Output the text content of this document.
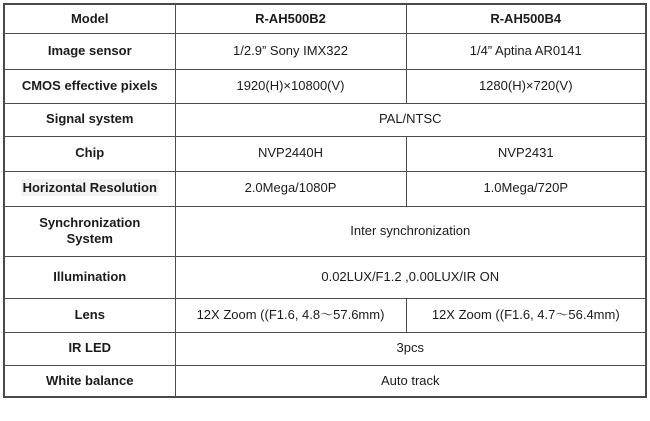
Model	R-AH500B2	R-AH500B4
Image sensor	1/2.9” Sony IMX322	1/4” Aptina AR0141
CMOS effective pixels	1920(H)×10800(V)	1280(H)×720(V)
Signal system	PAL/NTSC	
Chip	NVP2440H	NVP2431
Horizontal Resolution	2.0Mega/1080P	1.0Mega/720P
Synchronization System	Inter synchronization	
Illumination	0.02LUX/F1.2 ,0.00LUX/IR ON	
Lens	12X Zoom ((F1.6, 4.8～57.6mm)	12X Zoom ((F1.6, 4.7～56.4mm)
IR LED	3pcs	
White balance	Auto track	
